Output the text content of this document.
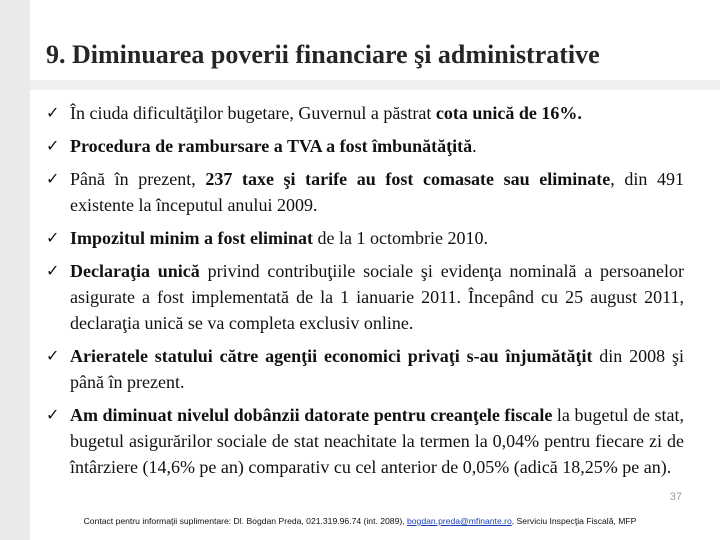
9. Diminuarea poverii financiare şi administrative
✓ În ciuda dificultăţilor bugetare, Guvernul a păstrat cota unică de 16%.
✓ Procedura de rambursare a TVA a fost îmbunătăţită.
✓ Până în prezent, 237 taxe şi tarife au fost comasate sau eliminate, din 491 existente la începutul anului 2009.
✓ Impozitul minim a fost eliminat de la 1 octombrie 2010.
✓ Declaraţia unică privind contribuţiile sociale şi evidenţa nominală a persoanelor asigurate a fost implementată de la 1 ianuarie 2011. Începând cu 25 august 2011, declaraţia unică se va completa exclusiv online.
✓ Arieratele statului către agenţii economici privaţi s-au înjumătăţit din 2008 şi până în prezent.
✓ Am diminuat nivelul dobânzii datorate pentru creanţele fiscale la bugetul de stat, bugetul asigurărilor sociale de stat neachitate la termen la 0,04% pentru fiecare zi de întârziere (14,6% pe an) comparativ cu cel anterior de 0,05% (adică 18,25% pe an).
37
Contact pentru informaţii suplimentare: Dl. Bogdan Preda, 021.319.96.74 (int. 2089), bogdan.preda@mfinante.ro, Serviciu Inspecţia Fiscală, MFP
